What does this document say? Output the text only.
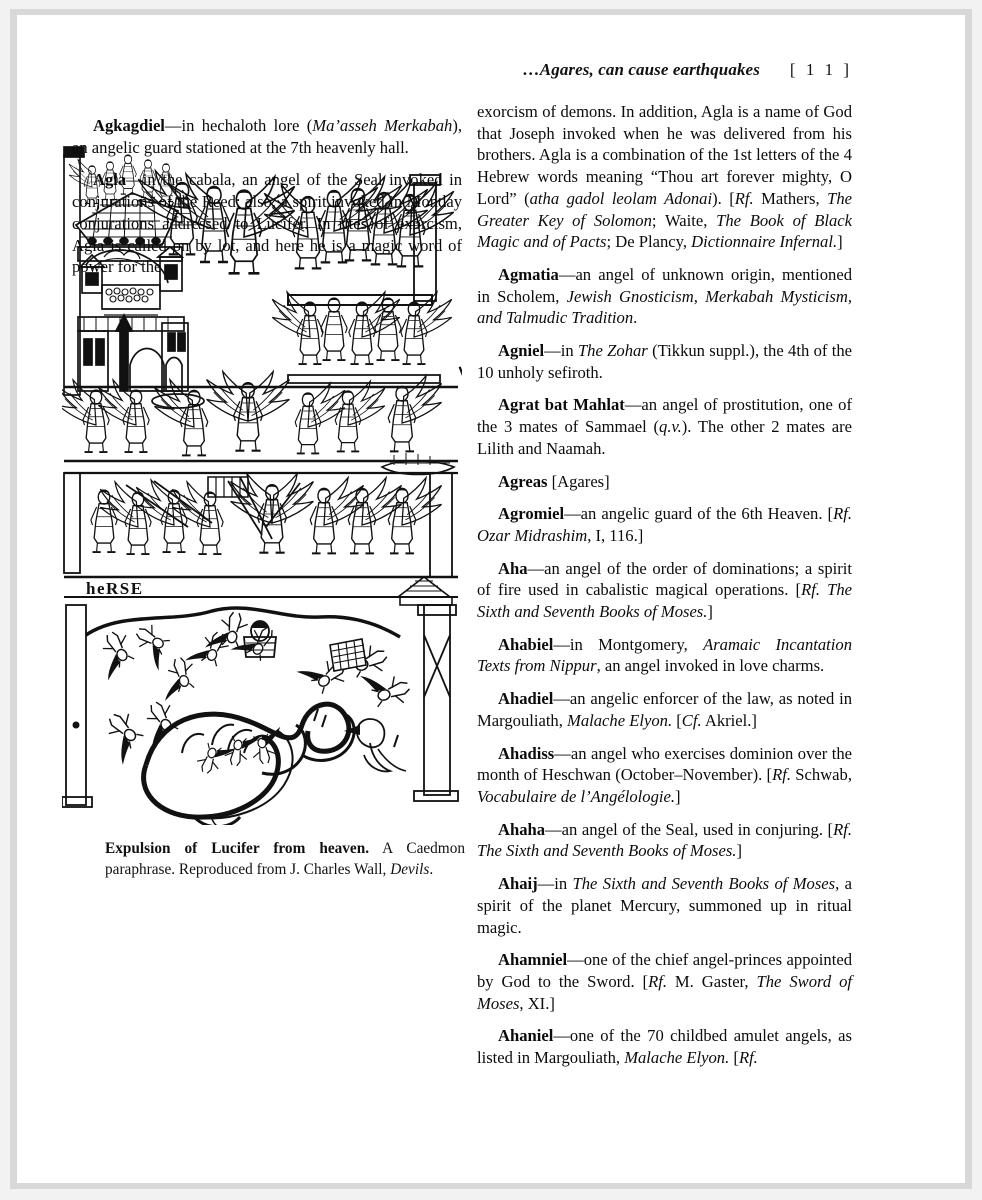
…Agares, can cause earthquakes [ 1 1 ]
heRSE
Expulsion of Lucifer from heaven. A Caedmon paraphrase. Reproduced from J. Charles Wall, Devils.

Agkagdiel—in hechaloth lore (Ma’asseh Merkabah), an angelic guard stationed at the 7th heavenly hall.

Agla—in the cabala, an angel of the Seal invoked in conjurations of the Reed; also, a spirit invoked in Monday conjurations addressed to Lucifer. In rites of exorcism, Agla is called on by lot, and here he is a magic word of power for the

exorcism of demons. In addition, Agla is a name of God that Joseph invoked when he was delivered from his brothers. Agla is a combination of the 1st letters of the 4 Hebrew words meaning “Thou art forever mighty, O Lord” (atha gadol leolam Adonai). [Rf. Mathers, The Greater Key of Solomon; Waite, The Book of Black Magic and of Pacts; De Plancy, Dictionnaire Infernal.]

Agmatia—an angel of unknown origin, mentioned in Scholem, Jewish Gnosticism, Merkabah Mysticism, and Talmudic Tradition.

Agniel—in The Zohar (Tikkun suppl.), the 4th of the 10 unholy sefiroth.

Agrat bat Mahlat—an angel of prostitution, one of the 3 mates of Sammael (q.v.). The other 2 mates are Lilith and Naamah.

Agreas [Agares]

Agromiel—an angelic guard of the 6th Heaven. [Rf. Ozar Midrashim, I, 116.]

Aha—an angel of the order of dominations; a spirit of fire used in cabalistic magical operations. [Rf. The Sixth and Seventh Books of Moses.]

Ahabiel—in Montgomery, Aramaic Incantation Texts from Nippur, an angel invoked in love charms.

Ahadiel—an angelic enforcer of the law, as noted in Margouliath, Malache Elyon. [Cf. Akriel.]

Ahadiss—an angel who exercises dominion over the month of Heschwan (October–November). [Rf. Schwab, Vocabulaire de l’Angélologie.]

Ahaha—an angel of the Seal, used in conjuring. [Rf. The Sixth and Seventh Books of Moses.]

Ahaij—in The Sixth and Seventh Books of Moses, a spirit of the planet Mercury, summoned up in ritual magic.

Ahamniel—one of the chief angel-princes appointed by God to the Sword. [Rf. M. Gaster, The Sword of Moses, XI.]

Ahaniel—one of the 70 childbed amulet angels, as listed in Margouliath, Malache Elyon. [Rf.
